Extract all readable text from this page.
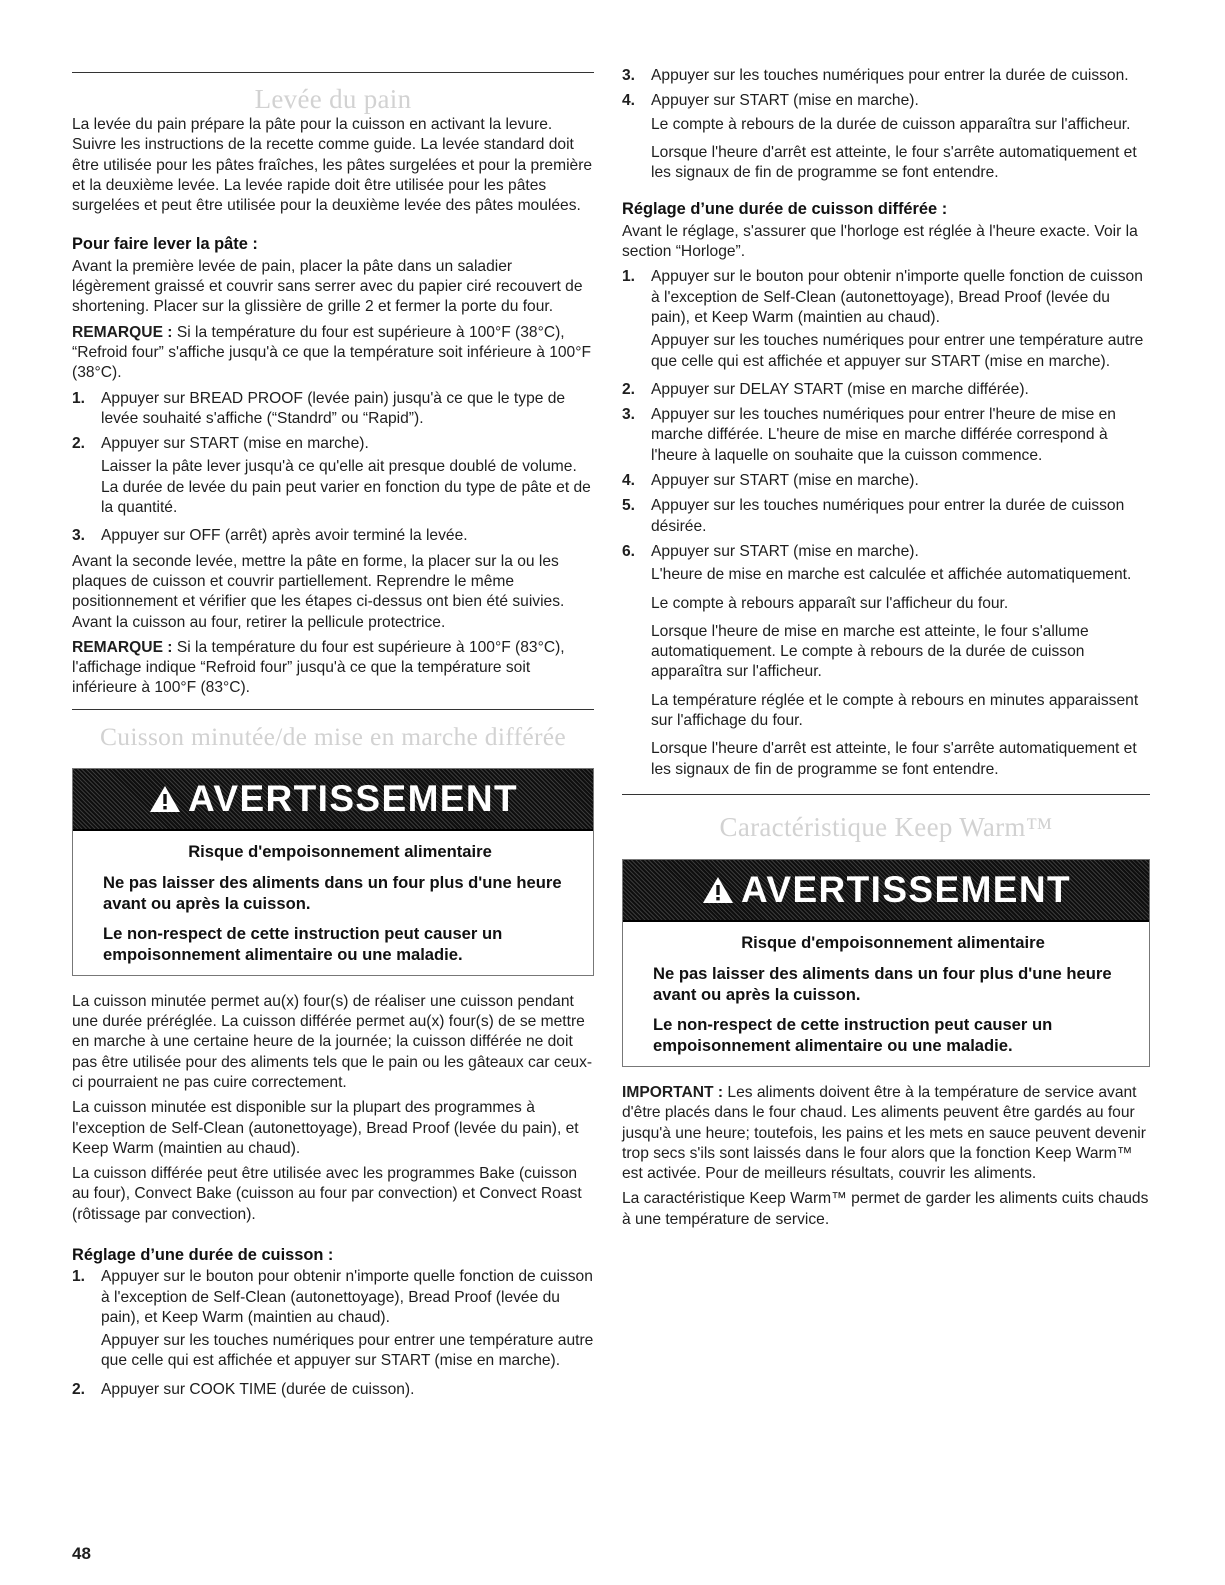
Levée du pain

La levée du pain prépare la pâte pour la cuisson en activant la levure. Suivre les instructions de la recette comme guide. La levée standard doit être utilisée pour les pâtes fraîches, les pâtes surgelées et pour la première et la deuxième levée. La levée rapide doit être utilisée pour les pâtes surgelées et peut être utilisée pour la deuxième levée des pâtes moulées.

Pour faire lever la pâte :

Avant la première levée de pain, placer la pâte dans un saladier légèrement graissé et couvrir sans serrer avec du papier ciré recouvert de shortening. Placer sur la glissière de grille 2 et fermer la porte du four.

REMARQUE : Si la température du four est supérieure à 100°F (38°C), “Refroid four” s'affiche jusqu'à ce que la température soit inférieure à 100°F (38°C).

1.	Appuyer sur BREAD PROOF (levée pain) jusqu'à ce que le type de levée souhaité s'affiche (“Standrd” ou “Rapid”).
2.	Appuyer sur START (mise en marche).

Laisser la pâte lever jusqu'à ce qu'elle ait presque doublé de volume. La durée de levée du pain peut varier en fonction du type de pâte et de la quantité.

3.	Appuyer sur OFF (arrêt) après avoir terminé la levée.

Avant la seconde levée, mettre la pâte en forme, la placer sur la ou les plaques de cuisson et couvrir partiellement. Reprendre le même positionnement et vérifier que les étapes ci-dessus ont bien été suivies. Avant la cuisson au four, retirer la pellicule protectrice.

REMARQUE : Si la température du four est supérieure à 100°F (83°C), l'affichage indique “Refroid four” jusqu'à ce que la température soit inférieure à 100°F (83°C).

Cuisson minutée/de mise en marche différée
AVERTISSEMENT
Risque d'empoisonnement alimentaire

Ne pas laisser des aliments dans un four plus d'une heure avant ou après la cuisson.

Le non-respect de cette instruction peut causer un empoisonnement alimentaire ou une maladie.

La cuisson minutée permet au(x) four(s) de réaliser une cuisson pendant une durée préréglée. La cuisson différée permet au(x) four(s) de se mettre en marche à une certaine heure de la journée; la cuisson différée ne doit pas être utilisée pour des aliments tels que le pain ou les gâteaux car ceux-ci pourraient ne pas cuire correctement.

La cuisson minutée est disponible sur la plupart des programmes à l'exception de Self-Clean (autonettoyage), Bread Proof (levée du pain), et Keep Warm (maintien au chaud).

La cuisson différée peut être utilisée avec les programmes Bake (cuisson au four), Convect Bake (cuisson au four par convection) et Convect Roast (rôtissage par convection).

Réglage d’une durée de cuisson :
1.	Appuyer sur le bouton pour obtenir n'importe quelle fonction de cuisson à l'exception de Self-Clean (autonettoyage), Bread Proof (levée du pain), et Keep Warm (maintien au chaud).

Appuyer sur les touches numériques pour entrer une température autre que celle qui est affichée et appuyer sur START (mise en marche).

2.	Appuyer sur COOK TIME (durée de cuisson).
3.	Appuyer sur les touches numériques pour entrer la durée de cuisson.
4.	Appuyer sur START (mise en marche).

Le compte à rebours de la durée de cuisson apparaîtra sur l'afficheur.

Lorsque l'heure d'arrêt est atteinte, le four s'arrête automatiquement et les signaux de fin de programme se font entendre.

Réglage d’une durée de cuisson différée :

Avant le réglage, s'assurer que l'horloge est réglée à l'heure exacte. Voir la section “Horloge”.

1.	Appuyer sur le bouton pour obtenir n'importe quelle fonction de cuisson à l'exception de Self-Clean (autonettoyage), Bread Proof (levée du pain), et Keep Warm (maintien au chaud).

Appuyer sur les touches numériques pour entrer une température autre que celle qui est affichée et appuyer sur START (mise en marche).

2.	Appuyer sur DELAY START (mise en marche différée).
3.	Appuyer sur les touches numériques pour entrer l'heure de mise en marche différée. L'heure de mise en marche différée correspond à l'heure à laquelle on souhaite que la cuisson commence.
4.	Appuyer sur START (mise en marche).
5.	Appuyer sur les touches numériques pour entrer la durée de cuisson désirée.
6.	Appuyer sur START (mise en marche).

L'heure de mise en marche est calculée et affichée automatiquement.

Le compte à rebours apparaît sur l'afficheur du four.

Lorsque l'heure de mise en marche est atteinte, le four s'allume automatiquement. Le compte à rebours de la durée de cuisson apparaîtra sur l'afficheur.

La température réglée et le compte à rebours en minutes apparaissent sur l'affichage du four.

Lorsque l'heure d'arrêt est atteinte, le four s'arrête automatiquement et les signaux de fin de programme se font entendre.

Caractéristique Keep Warm™
AVERTISSEMENT
Risque d'empoisonnement alimentaire

Ne pas laisser des aliments dans un four plus d'une heure avant ou après la cuisson.

Le non-respect de cette instruction peut causer un empoisonnement alimentaire ou une maladie.

IMPORTANT : Les aliments doivent être à la température de service avant d'être placés dans le four chaud. Les aliments peuvent être gardés au four jusqu'à une heure; toutefois, les pains et les mets en sauce peuvent devenir trop secs s'ils sont laissés dans le four alors que la fonction Keep Warm™ est activée. Pour de meilleurs résultats, couvrir les aliments.

La caractéristique Keep Warm™ permet de garder les aliments cuits chauds à une température de service.

48
